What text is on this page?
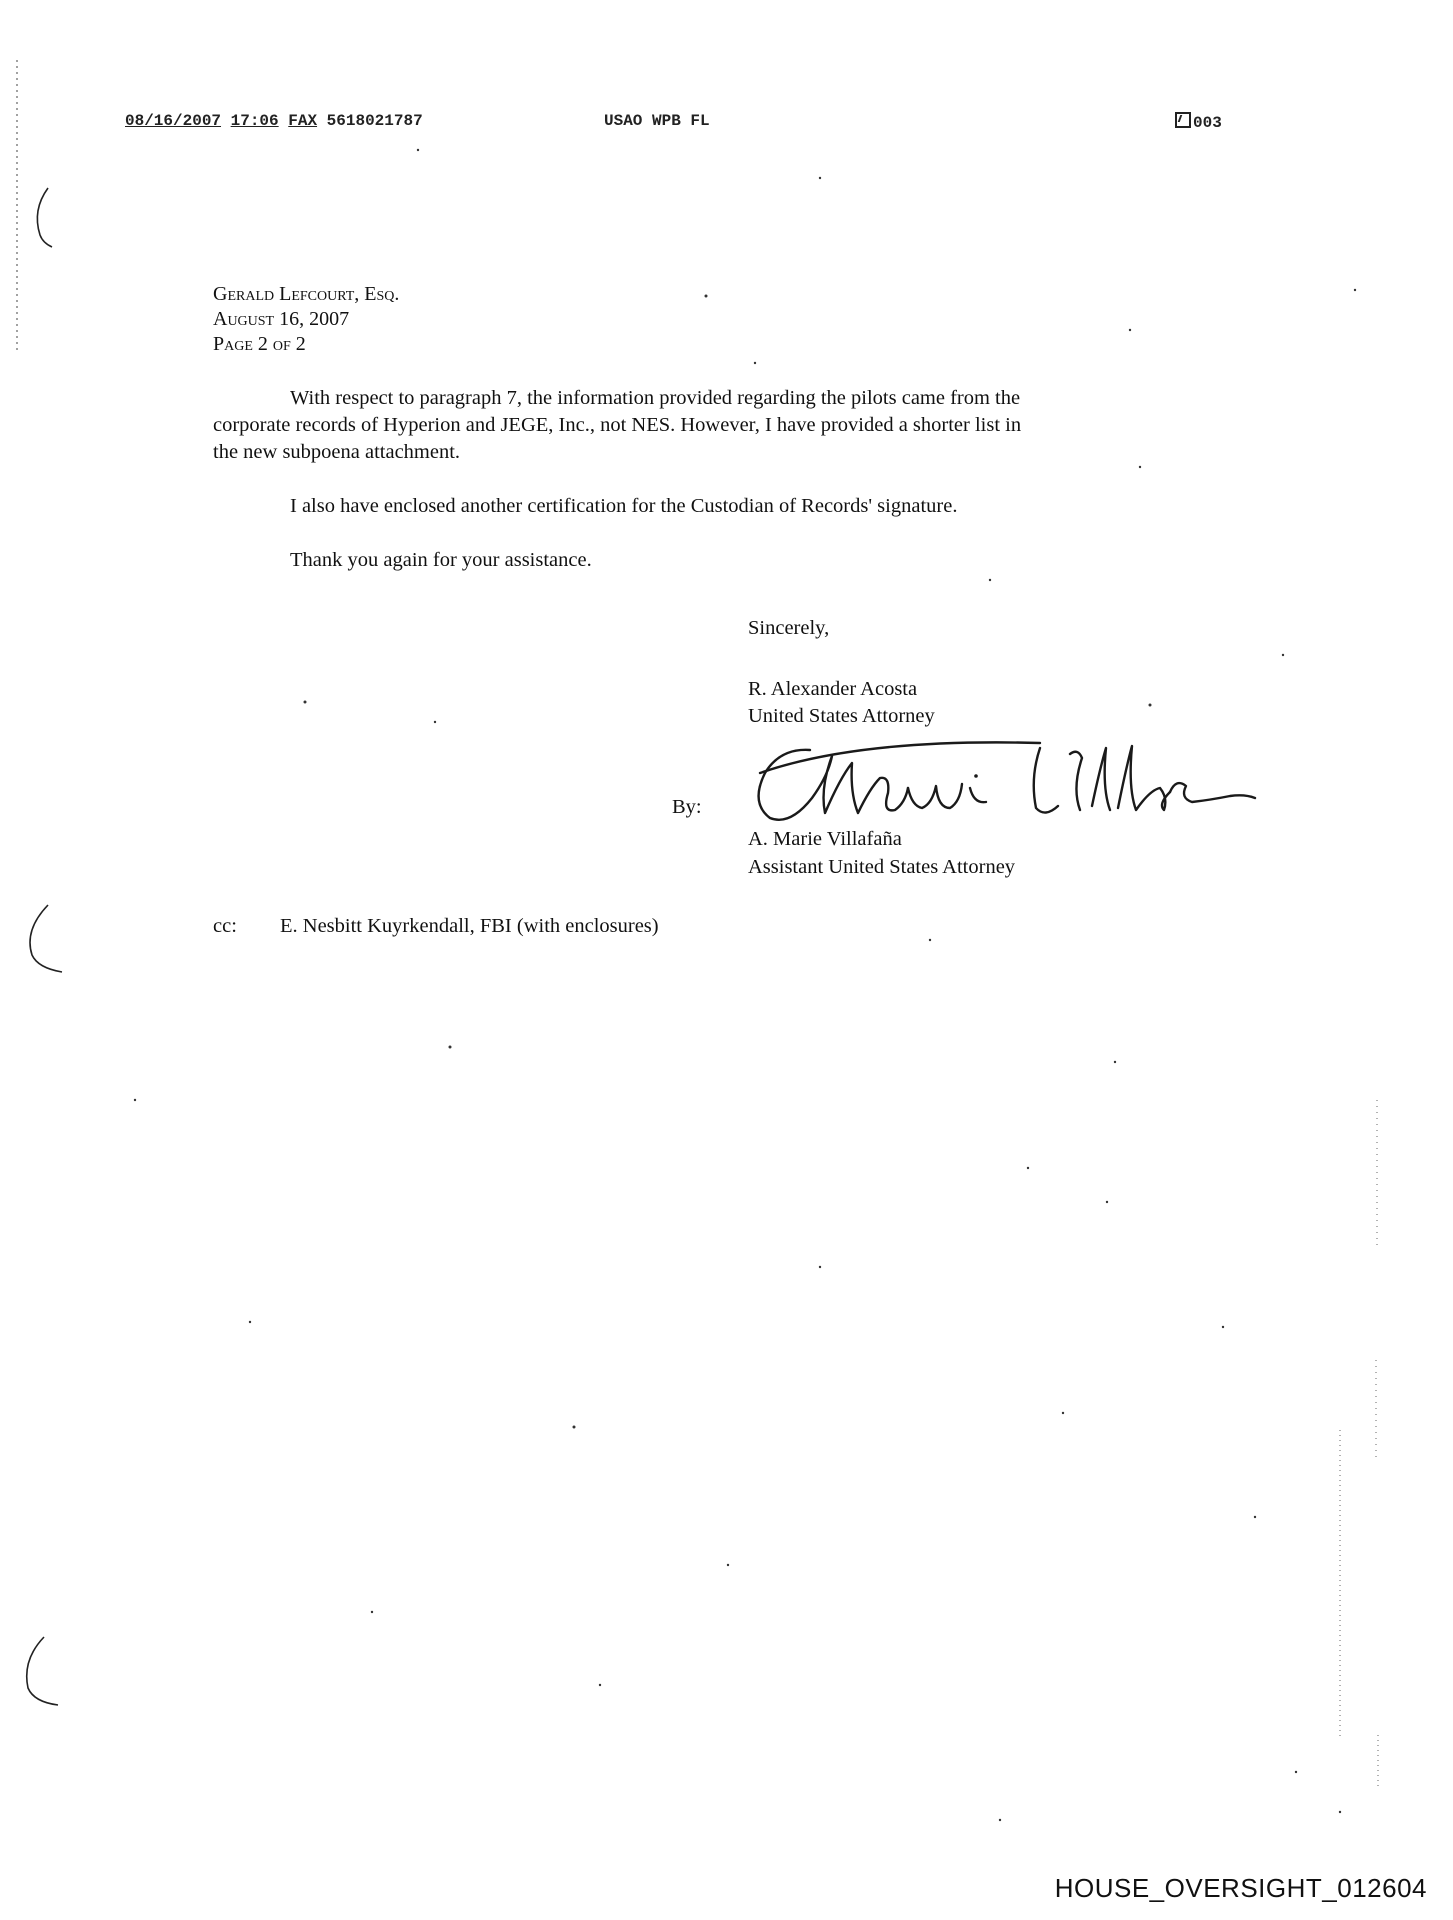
08/16/2007 17:06 FAX 5618021787	USAO WPB FL	003
Gerald Lefcourt, Esq.
August 16, 2007
Page 2 of 2

With respect to paragraph 7, the information provided regarding the pilots came from the
corporate records of Hyperion and JEGE, Inc., not NES. However, I have provided a shorter list in
the new subpoena attachment.

I also have enclosed another certification for the Custodian of Records' signature.

Thank you again for your assistance.

Sincerely,
R. Alexander Acosta
United States Attorney
By:
A. Marie Villafaña
Assistant United States Attorney
cc: E. Nesbitt Kuyrkendall, FBI (with enclosures)
HOUSE_OVERSIGHT_012604
